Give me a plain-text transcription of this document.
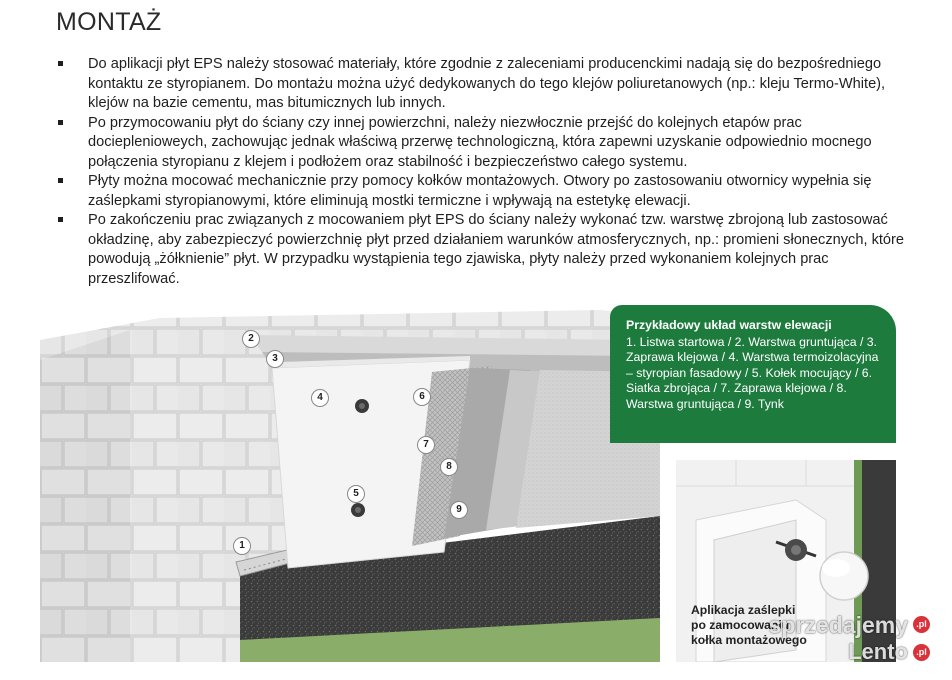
MONTAŻ
Do aplikacji płyt EPS należy stosować materiały, które zgodnie z zaleceniami producenckimi nadają się do bezpośredniego kontaktu ze styropianem. Do montażu można użyć dedykowanych do tego klejów poliuretanowych (np.: kleju Termo-White), klejów na bazie cementu, mas bitumicznych lub innych.
Po przymocowaniu płyt do ściany czy innej powierzchni, należy niezwłocznie przejść do kolejnych etapów prac docieplenioweych, zachowując jednak właściwą przerwę technologiczną, która zapewni uzyskanie odpowiednio mocnego połączenia styropianu z klejem i podłożem oraz stabilność i bezpieczeństwo całego systemu.
Płyty można mocować mechanicznie przy pomocy kołków montażowych. Otwory po zastosowaniu otwornicy wypełnia się zaślepkami styropianowymi, które eliminują mostki termiczne i wpływają na estetykę elewacji.
Po zakończeniu prac związanych z mocowaniem płyt EPS do ściany należy wykonać tzw. warstwę zbrojoną lub zastosować okładzinę, aby zabezpieczyć powierzchnię płyt przed działaniem warunków atmosferycznych, np.: promieni słonecznych, które powodują „żółknienie” płyt. W przypadku wystąpienia tego zjawiska, płyty należy przed wykonaniem kolejnych prac przeszlifować.
1
2
3
4
5
6
7
8
9
Przykładowy układ warstw elewacji
1. Listwa startowa / 2. Warstwa gruntująca / 3. Zaprawa klejowa / 4. Warstwa termoizolacyjna – styropian fasadowy / 5. Kołek mocujący / 6. Siatka zbrojąca / 7. Zaprawa klejowa / 8. Warstwa gruntująca / 9. Tynk
Aplikacja zaślepki po zamocowaniu kołka montażowego
sprzedajemy
Lento
.pl
.pl
